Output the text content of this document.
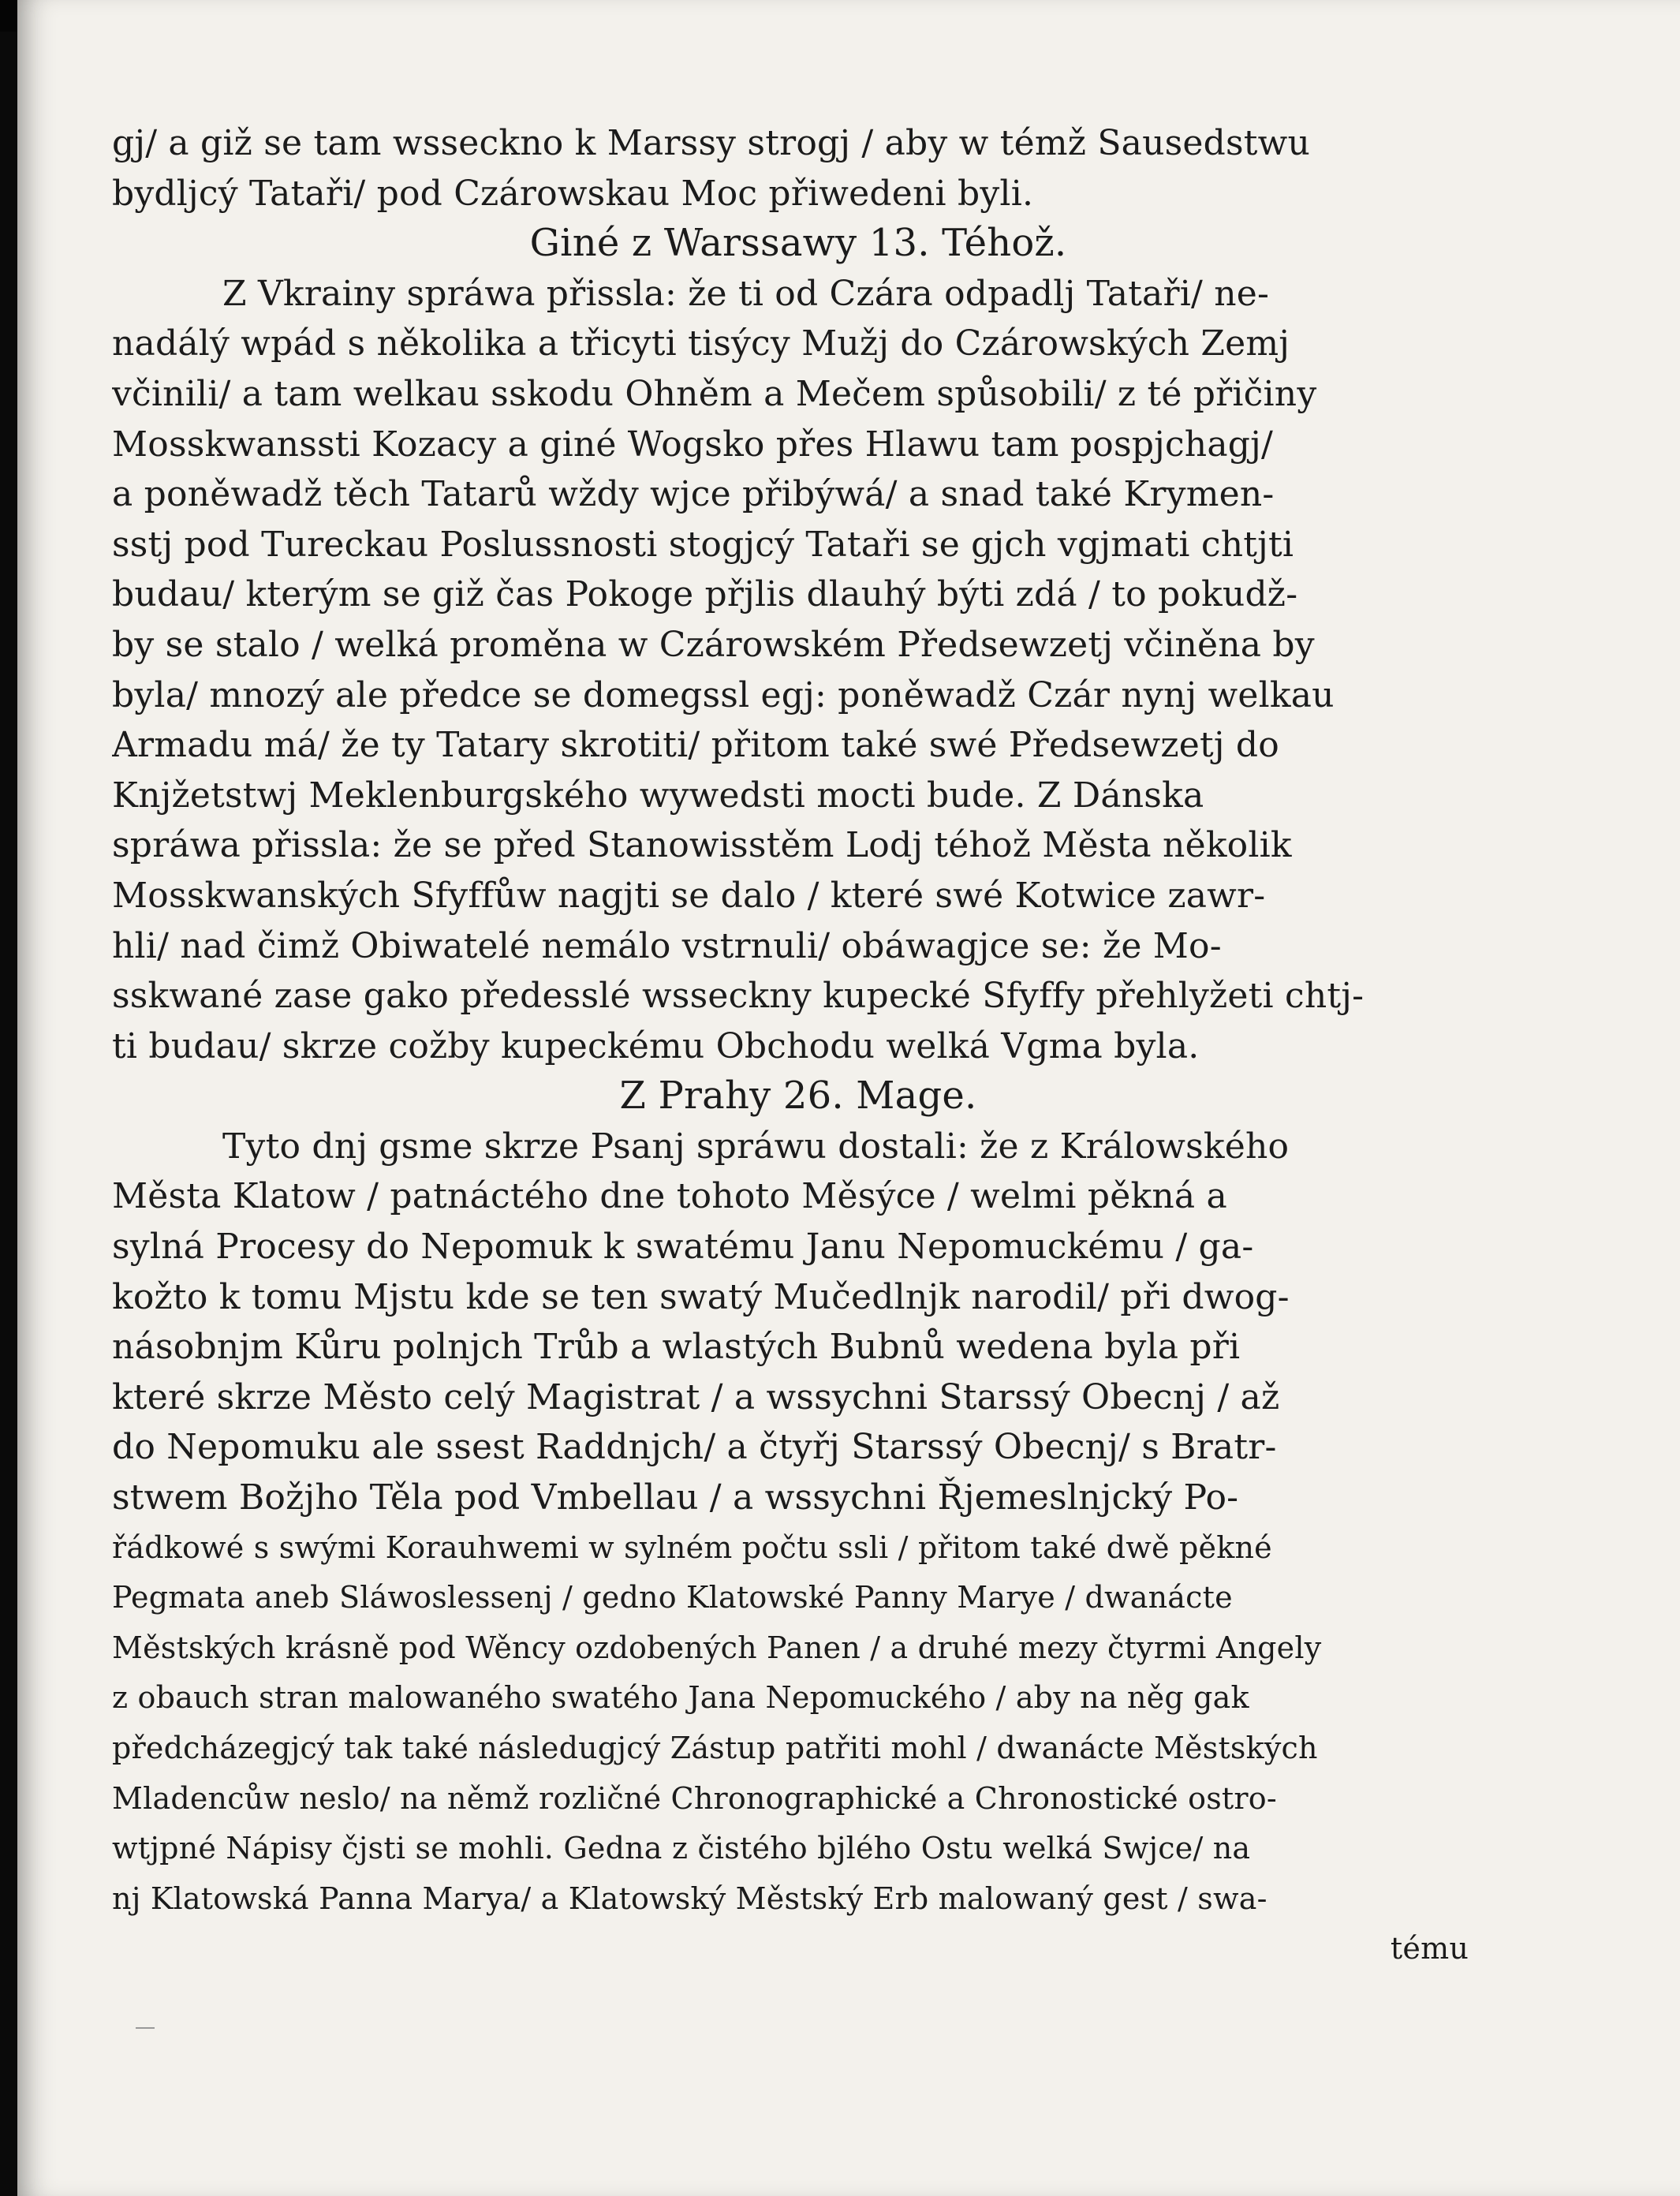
gj/ a giž se tam wsseckno k Marssy strogj / aby w témž Sausedstwu
bydljcý Tataři/ pod Czárowskau Moc přiwedeni byli.
Giné z Warssawy 13. Téhož.
Z Vkrainy spráwa přissla: že ti od Czára odpadlj Tataři/ ne-
nadálý wpád s několika a třicyti tisýcy Mužj do Czárowských Zemj
včinili/ a tam welkau sskodu Ohněm a Mečem spůsobili/ z té přičiny
Mosskwanssti Kozacy a giné Wogsko přes Hlawu tam pospjchagj/
a poněwadž těch Tatarů wždy wjce přibýwá/ a snad také Krymen-
sstj pod Tureckau Poslussnosti stogjcý Tataři se gjch vgjmati chtjti
budau/ kterým se giž čas Pokoge přjlis dlauhý býti zdá / to pokudž-
by se stalo / welká proměna w Czárowském Předsewzetj včiněna by
byla/ mnozý ale předce se domegssl egj: poněwadž Czár nynj welkau
Armadu má/ že ty Tatary skrotiti/ přitom také swé Předsewzetj do
Knjžetstwj Meklenburgského wywedsti mocti bude. Z Dánska
spráwa přissla: že se před Stanowisstěm Lodj téhož Města několik
Mosskwanských Sfyffůw nagjti se dalo / které swé Kotwice zawr-
hli/ nad čimž Obiwatelé nemálo vstrnuli/ obáwagjce se: že Mo-
sskwané zase gako předesslé wsseckny kupecké Sfyffy přehlyžeti chtj-
ti budau/ skrze cožby kupeckému Obchodu welká Vgma byla.
Z Prahy 26. Mage.
Tyto dnj gsme skrze Psanj spráwu dostali: že z Králowského
Města Klatow / patnáctého dne tohoto Měsýce / welmi pěkná a
sylná Procesy do Nepomuk k swatému Janu Nepomuckému / ga-
kožto k tomu Mjstu kde se ten swatý Mučedlnjk narodil/ při dwog-
násobnjm Kůru polnjch Trůb a wlastých Bubnů wedena byla při
které skrze Město celý Magistrat / a wssychni Starssý Obecnj / až
do Nepomuku ale ssest Raddnjch/ a čtyřj Starssý Obecnj/ s Bratr-
stwem Božjho Těla pod Vmbellau / a wssychni Řjemeslnjcký Po-
řádkowé s swými Korauhwemi w sylném počtu ssli / přitom také dwě pěkné
Pegmata aneb Sláwoslessenj / gedno Klatowské Panny Marye / dwanácte
Městských krásně pod Wěncy ozdobených Panen / a druhé mezy čtyrmi Angely
z obauch stran malowaného swatého Jana Nepomuckého / aby na něg gak
předcházegjcý tak také následugjcý Zástup patřiti mohl / dwanácte Městských
Mladencůw neslo/ na němž rozličné Chronographické a Chronostické ostro-
wtjpné Nápisy čjsti se mohli. Gedna z čistého bjlého Ostu welká Swjce/ na
nj Klatowská Panna Marya/ a Klatowský Městský Erb malowaný gest / swa-
tému
